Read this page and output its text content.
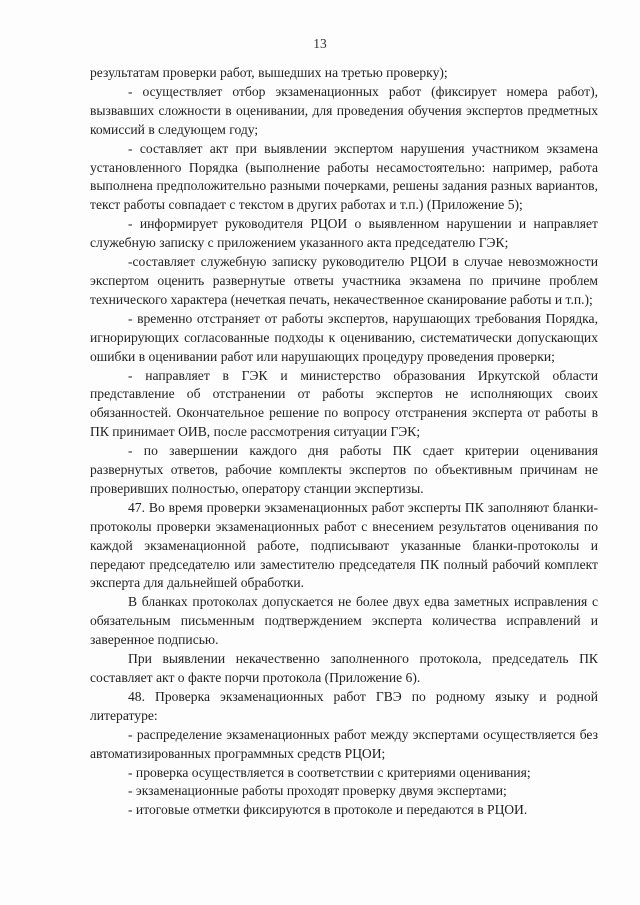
13

результатам проверки работ, вышедших на третью проверку);

- осуществляет отбор экзаменационных работ (фиксирует номера работ), вызвавших сложности в оценивании, для проведения обучения экспертов предметных комиссий в следующем году;

- составляет акт при выявлении экспертом нарушения участником экзамена установленного Порядка (выполнение работы несамостоятельно: например, работа выполнена предположительно разными почерками, решены задания разных вариантов, текст работы совпадает с текстом в других работах и т.п.) (Приложение 5);

- информирует руководителя РЦОИ о выявленном нарушении и направляет служебную записку с приложением указанного акта председателю ГЭК;

-составляет служебную записку руководителю РЦОИ в случае невозможности экспертом оценить развернутые ответы участника экзамена по причине проблем технического характера (нечеткая печать, некачественное сканирование работы и т.п.);

- временно отстраняет от работы экспертов, нарушающих требования Порядка, игнорирующих согласованные подходы к оцениванию, систематически допускающих ошибки в оценивании работ или нарушающих процедуру проведения проверки;

- направляет в ГЭК и министерство образования Иркутской области представление об отстранении от работы экспертов не исполняющих своих обязанностей. Окончательное решение по вопросу отстранения эксперта от работы в ПК принимает ОИВ, после рассмотрения ситуации ГЭК;

- по завершении каждого дня работы ПК сдает критерии оценивания развернутых ответов, рабочие комплекты экспертов по объективным причинам не проверивших полностью, оператору станции экспертизы.

47. Во время проверки экзаменационных работ эксперты ПК заполняют бланки-протоколы проверки экзаменационных работ с внесением результатов оценивания по каждой экзаменационной работе, подписывают указанные бланки-протоколы и передают председателю или заместителю председателя ПК полный рабочий комплект эксперта для дальнейшей обработки.

В бланках протоколах допускается не более двух едва заметных исправления с обязательным письменным подтверждением эксперта количества исправлений и заверенное подписью.

При выявлении некачественно заполненного протокола, председатель ПК составляет акт о факте порчи протокола (Приложение 6).

48. Проверка экзаменационных работ ГВЭ по родному языку и родной литературе:

- распределение экзаменационных работ между экспертами осуществляется без автоматизированных программных средств РЦОИ;

- проверка осуществляется в соответствии с критериями оценивания;

- экзаменационные работы проходят проверку двумя экспертами;

- итоговые отметки фиксируются в протоколе и передаются в РЦОИ.
